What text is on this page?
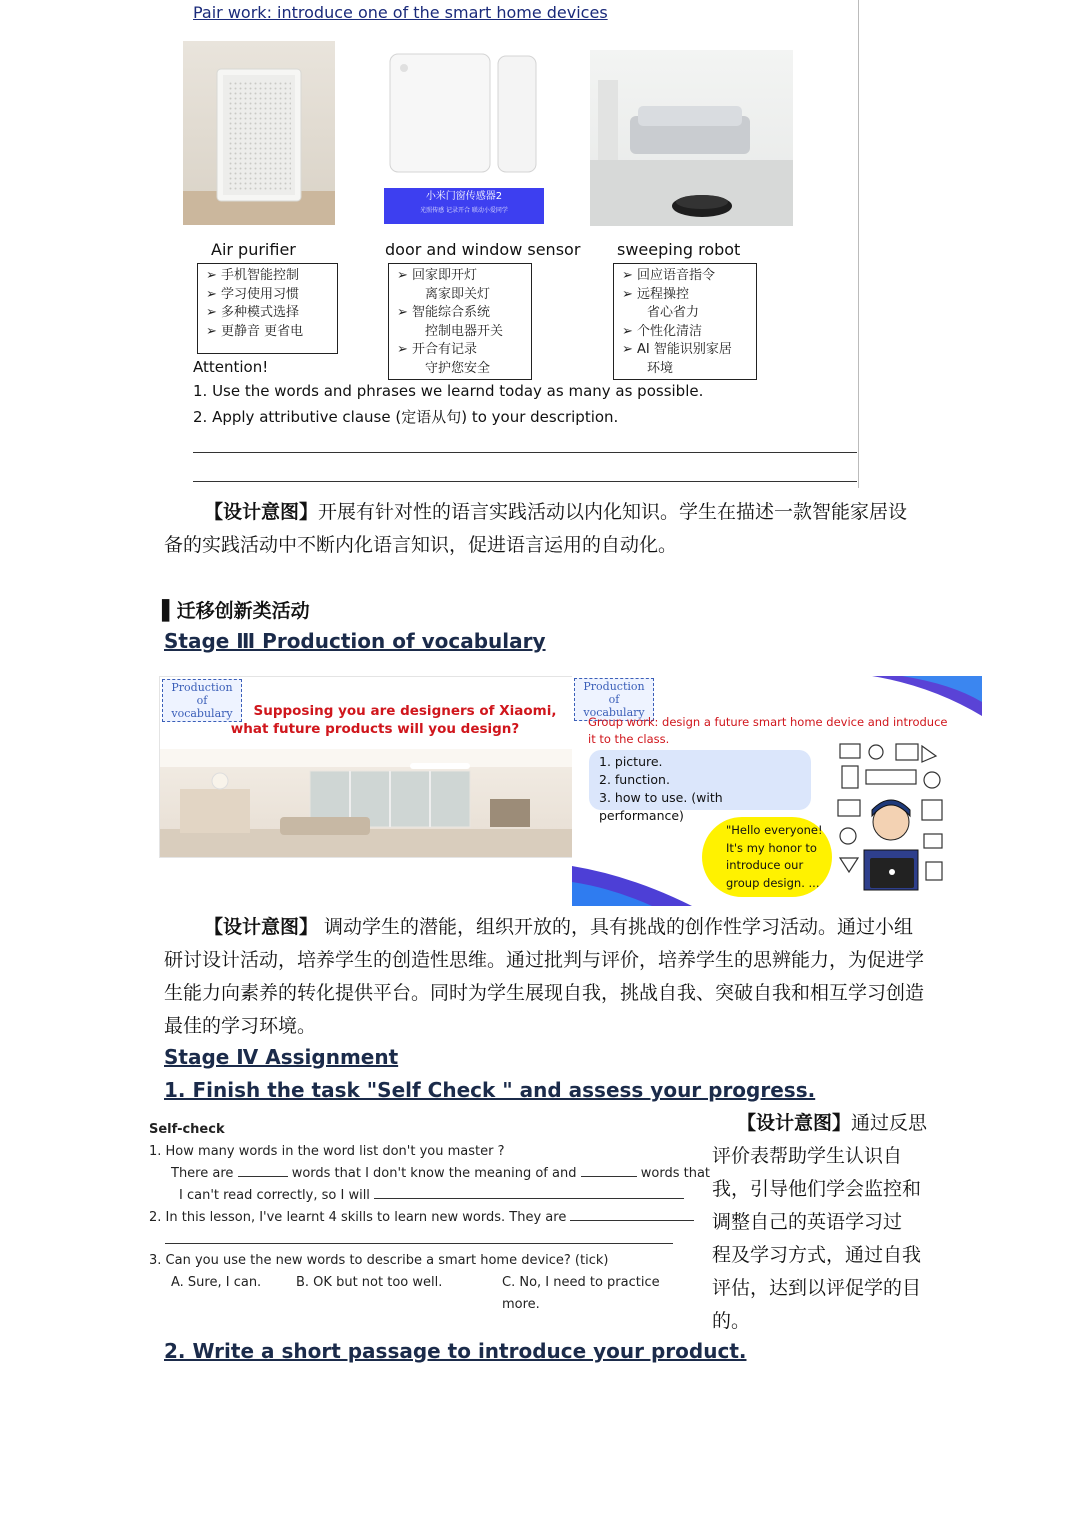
Pair work: introduce one of the smart home devices
小米门窗传感器2
光照传感 记录开合 联动小爱同学
Air purifier	door and window sensor sweeping robot
➢ 手机智能控制
➢ 学习使用习惯
➢ 多种模式选择
➢ 更静音 更省电
➢ 回家即开灯
离家即关灯
➢ 智能综合系统
控制电器开关
➢ 开合有记录
守护您安全
➢ 回应语音指令
➢ 远程操控
省心省力
➢ 个性化清洁
➢ AI 智能识别家居
环境
Attention!
1. Use the words and phrases we learnd today as many as possible.
2. Apply attributive clause (定语从句) to your description.
【设计意图】开展有针对性的语言实践活动以内化知识。学生在描述一款智能家居设备的实践活动中不断内化语言知识，促进语言运用的自动化。
▌迁移创新类活动
Stage Ⅲ Production of vocabulary
Production of vocabulary	Supposing you are designers of Xiaomi,
what future products will you design?
Production of vocabulary
Group work: design a future smart home device and introduce
it to the class.
1. picture.
2. function.
3. how to use. (with performance)
"Hello everyone!
It's my honor to
introduce our
group design. ...
【设计意图】 调动学生的潜能，组织开放的，具有挑战的创作性学习活动。通过小组研讨设计活动，培养学生的创造性思维。通过批判与评价，培养学生的思辨能力，为促进学生能力向素养的转化提供平台。同时为学生展现自我，挑战自我、突破自我和相互学习创造最佳的学习环境。
Stage Ⅳ Assignment
1. Finish the task "Self Check " and assess your progress.
Self-check
1. How many words in the word list don't you master ?
There are	words that I don't know the meaning of and	words that
I can't read correctly, so I will
2. In this lesson, I've learnt 4 skills to learn new words. They are
3. Can you use the new words to describe a smart home device? (tick)
A. Sure, I can.	B. OK but not too well.	C. No, I need to practice more.
【设计意图】通过反思
评价表帮助学生认识自
我，引导他们学会监控和
调整自己的英语学习过
程及学习方式，通过自我
评估，达到以评促学的目
的。
2. Write a short passage to introduce your product.
